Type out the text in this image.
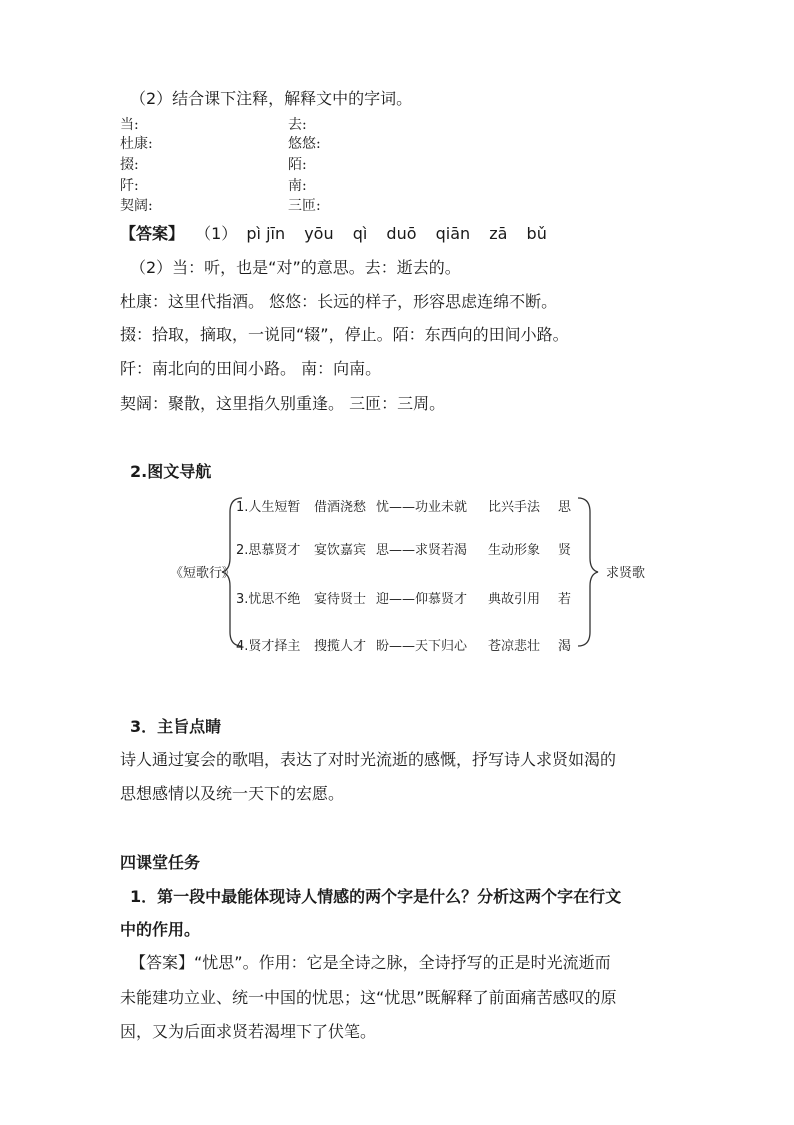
（2）结合课下注释，解释文中的字词。
当:
杜康:
掇:
阡:
契阔:
去:
悠悠:
陌:
南:
三匝:
【答案】 （1） pì jīn yōu qì duō qiān zā bǔ
（2）当：听，也是“对”的意思。去：逝去的。
杜康：这里代指酒。 悠悠：长远的样子，形容思虑连绵不断。
掇：拾取，摘取，一说同“辍”，停止。陌：东西向的田间小路。
阡：南北向的田间小路。 南：向南。
契阔：聚散，这里指久别重逢。 三匝：三周。
2.图文导航
《短歌行》
1.人生短暂 借酒浇愁 忧——功业未就 比兴手法 思
2.思慕贤才 宴饮嘉宾 思——求贤若渴 生动形象 贤
3.忧思不绝 宴待贤士 迎——仰慕贤才 典故引用 若
4.贤才择主 搜揽人才 盼——天下归心 苍凉悲壮 渴
求贤歌
3．主旨点睛
诗人通过宴会的歌唱，表达了对时光流逝的感慨，抒写诗人求贤如渴的
思想感情以及统一天下的宏愿。
四课堂任务
1．第一段中最能体现诗人情感的两个字是什么？分析这两个字在行文
中的作用。
【答案】“忧思”。作用：它是全诗之脉，全诗抒写的正是时光流逝而
未能建功立业、统一中国的忧思；这“忧思”既解释了前面痛苦感叹的原
因，又为后面求贤若渴埋下了伏笔。
